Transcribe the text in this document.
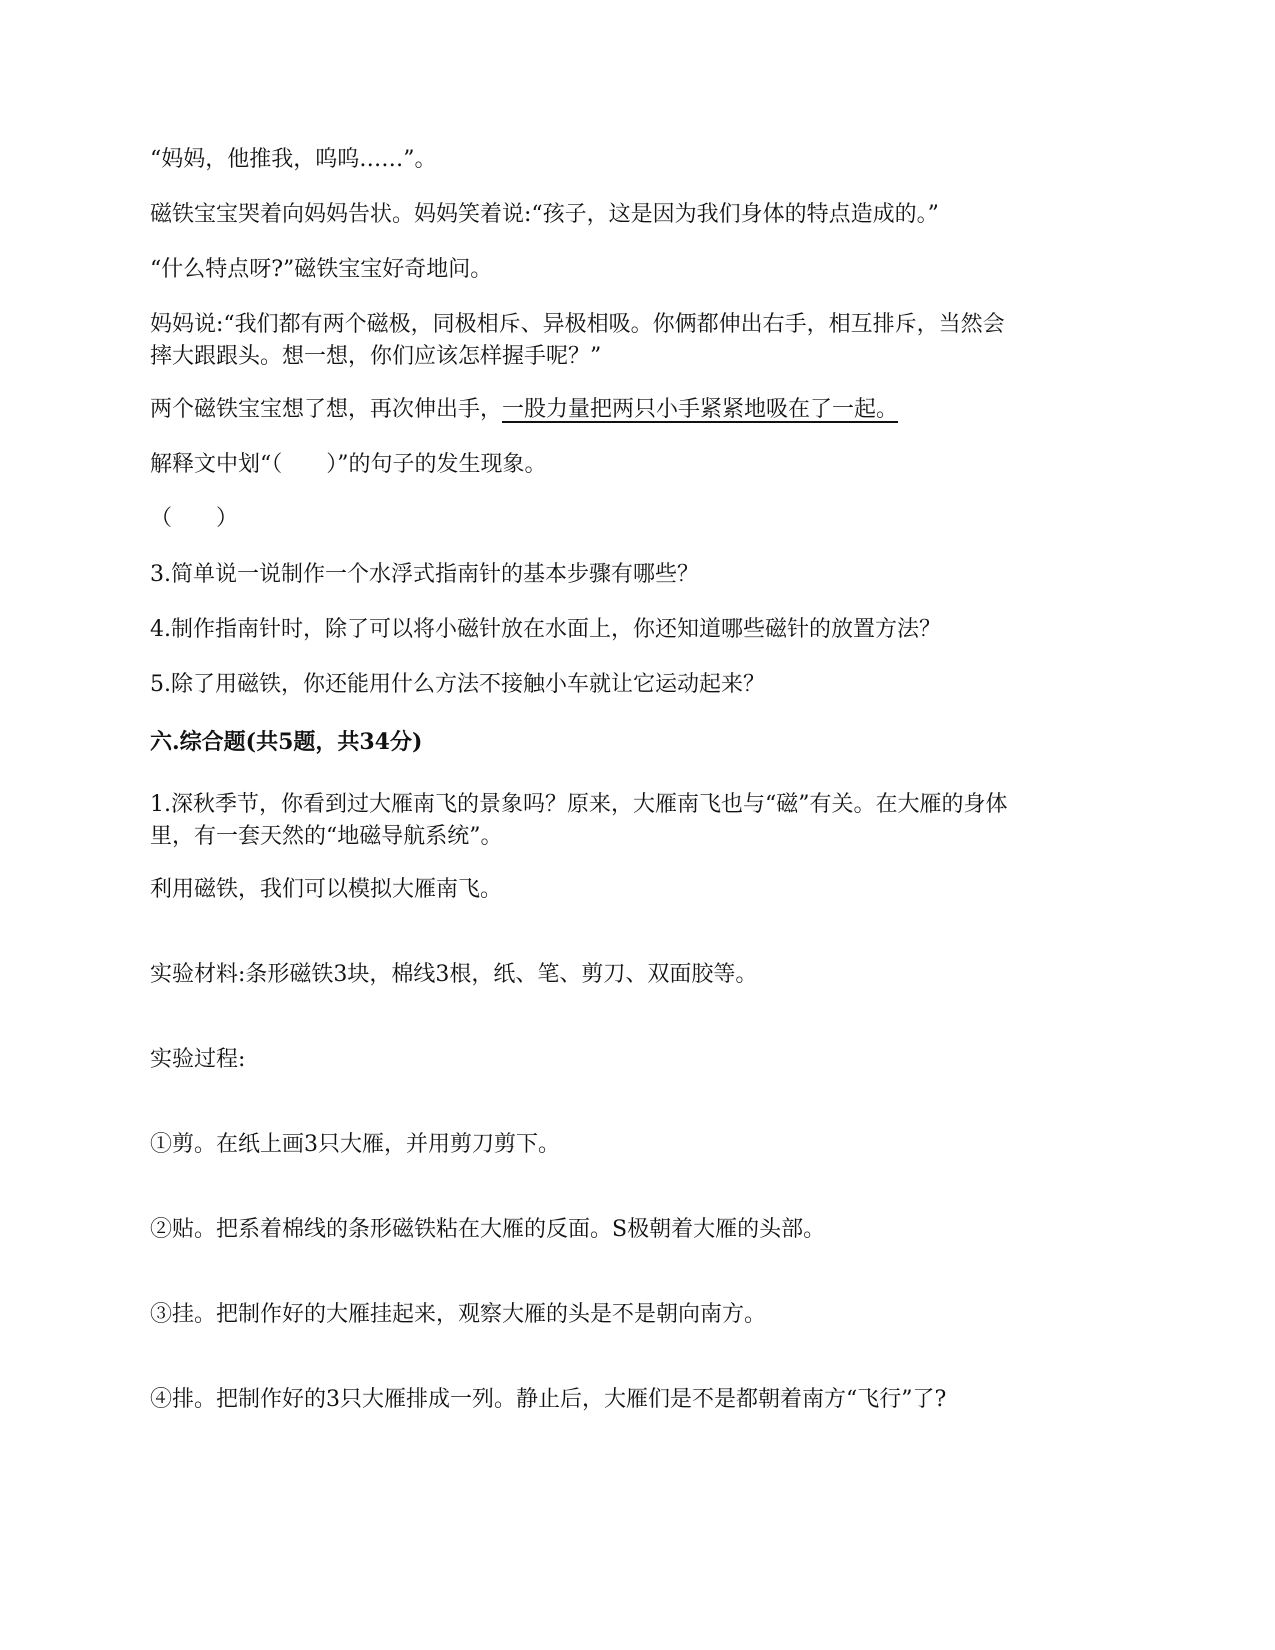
“妈妈，他推我，呜呜……”。
磁铁宝宝哭着向妈妈告状。妈妈笑着说:“孩子，这是因为我们身体的特点造成的。”
“什么特点呀?”磁铁宝宝好奇地问。
妈妈说:“我们都有两个磁极，同极相斥、异极相吸。你俩都伸出右手，相互排斥，当然会
摔大跟跟头。想一想，你们应该怎样握手呢？”
两个磁铁宝宝想了想，再次伸出手，一股力量把两只小手紧紧地吸在了一起。
解释文中划“（　　）”的句子的发生现象。
（　　）
3.简单说一说制作一个水浮式指南针的基本步骤有哪些？
4.制作指南针时，除了可以将小磁针放在水面上，你还知道哪些磁针的放置方法？
5.除了用磁铁，你还能用什么方法不接触小车就让它运动起来？
六.综合题(共5题，共34分)
1.深秋季节，你看到过大雁南飞的景象吗？原来，大雁南飞也与“磁”有关。在大雁的身体
里，有一套天然的“地磁导航系统”。
利用磁铁，我们可以模拟大雁南飞。
实验材料:条形磁铁3块，棉线3根，纸、笔、剪刀、双面胶等。
实验过程:
①剪。在纸上画3只大雁，并用剪刀剪下。
②贴。把系着棉线的条形磁铁粘在大雁的反面。S极朝着大雁的头部。
③挂。把制作好的大雁挂起来，观察大雁的头是不是朝向南方。
④排。把制作好的3只大雁排成一列。静止后，大雁们是不是都朝着南方“飞行”了?
